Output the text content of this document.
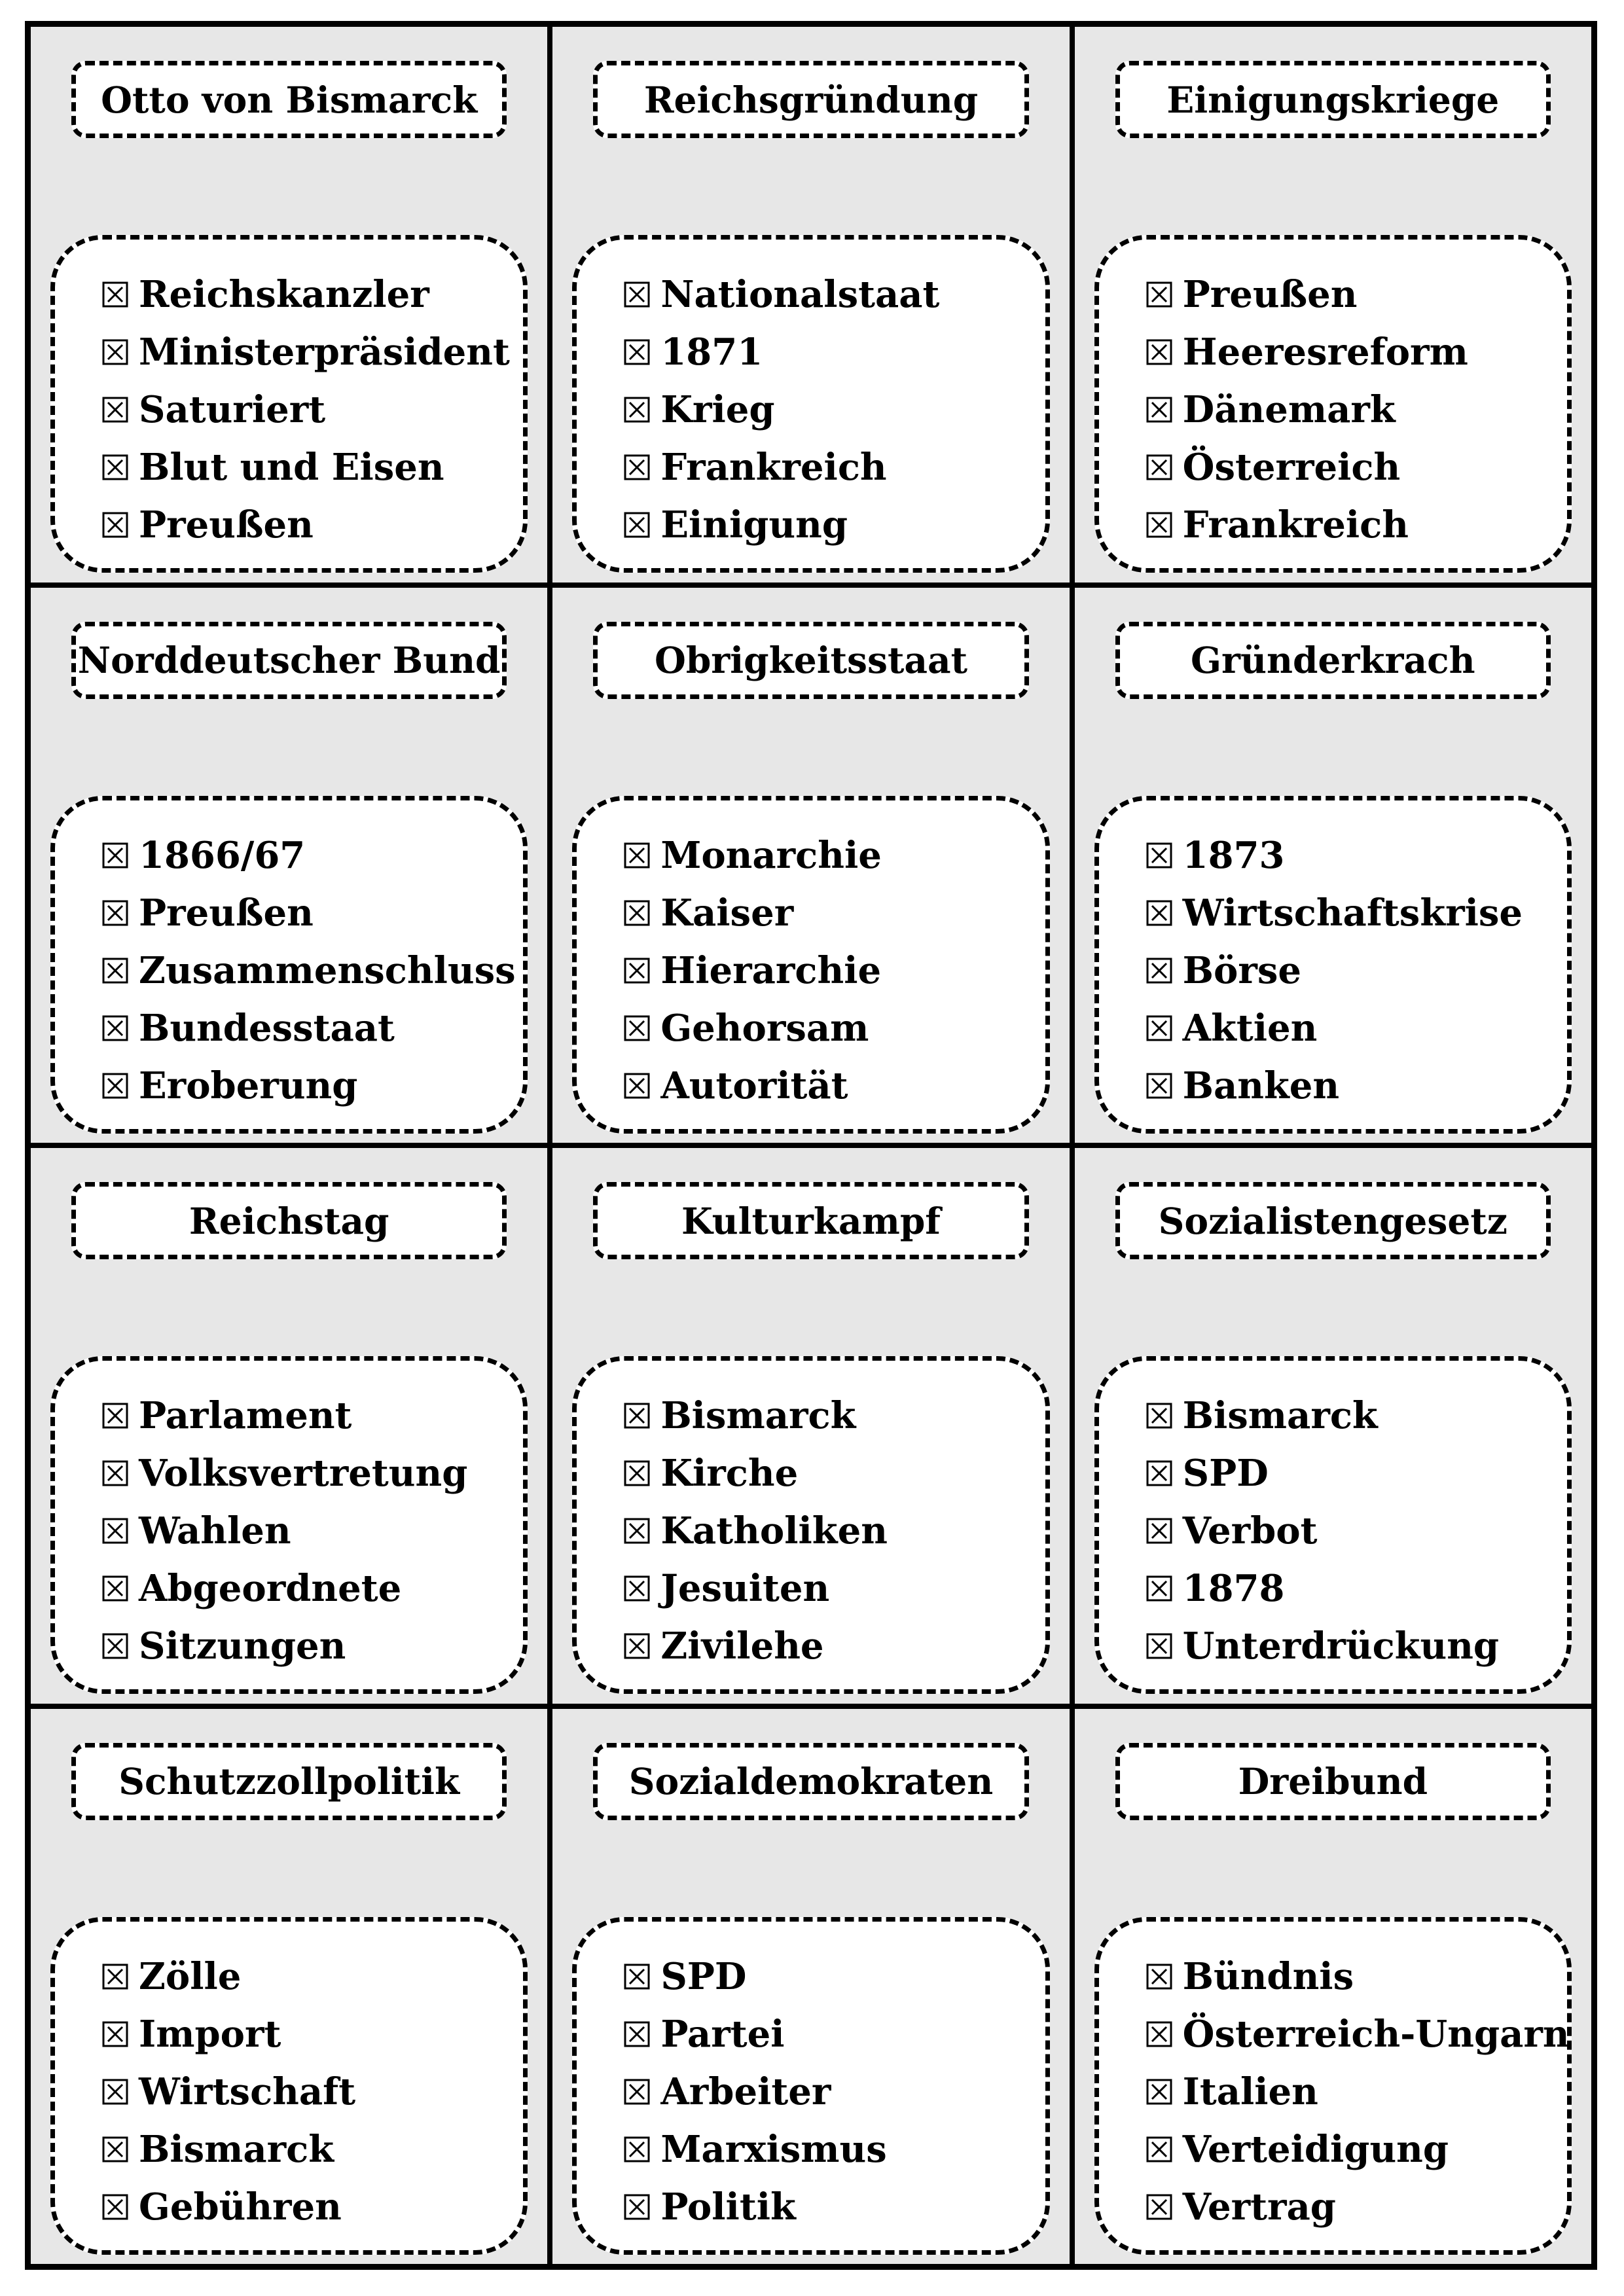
Otto von Bismarck
Reichskanzler
Ministerpräsident
Saturiert
Blut und Eisen
Preußen
Reichsgründung
Nationalstaat
1871
Krieg
Frankreich
Einigung
Einigungskriege
Preußen
Heeresreform
Dänemark
Österreich
Frankreich
Norddeutscher Bund
1866/67
Preußen
Zusammenschluss
Bundesstaat
Eroberung
Obrigkeitsstaat
Monarchie
Kaiser
Hierarchie
Gehorsam
Autorität
Gründerkrach
1873
Wirtschaftskrise
Börse
Aktien
Banken
Reichstag
Parlament
Volksvertretung
Wahlen
Abgeordnete
Sitzungen
Kulturkampf
Bismarck
Kirche
Katholiken
Jesuiten
Zivilehe
Sozialistengesetz
Bismarck
SPD
Verbot
1878
Unterdrückung
Schutzzollpolitik
Zölle
Import
Wirtschaft
Bismarck
Gebühren
Sozialdemokraten
SPD
Partei
Arbeiter
Marxismus
Politik
Dreibund
Bündnis
Österreich-Ungarn
Italien
Verteidigung
Vertrag
